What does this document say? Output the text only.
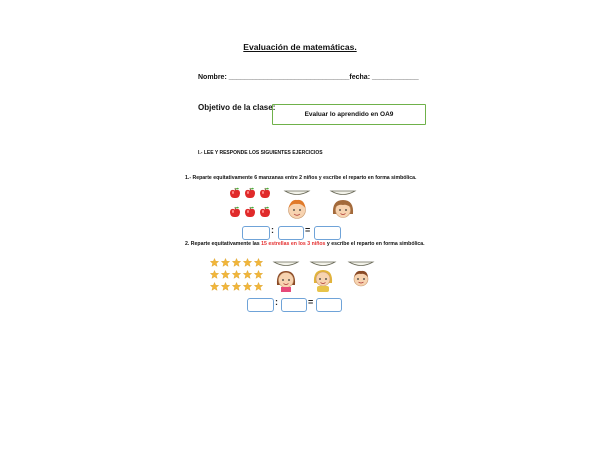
Evaluación de matemáticas.
Nombre: _______________________________fecha: ____________
Objetivo de la clase:
Evaluar lo aprendido en OA9
I.- LEE Y RESPONDE LOS SIGUIENTES EJERCICIOS
1.- Reparte equitativamente 6 manzanas entre 2 niños y escribe el reparto en forma simbólica.
:	=
2. Reparte equitativamente las 15 estrellas en los 3 niños y escribe el reparto en forma simbólica.
:	=
